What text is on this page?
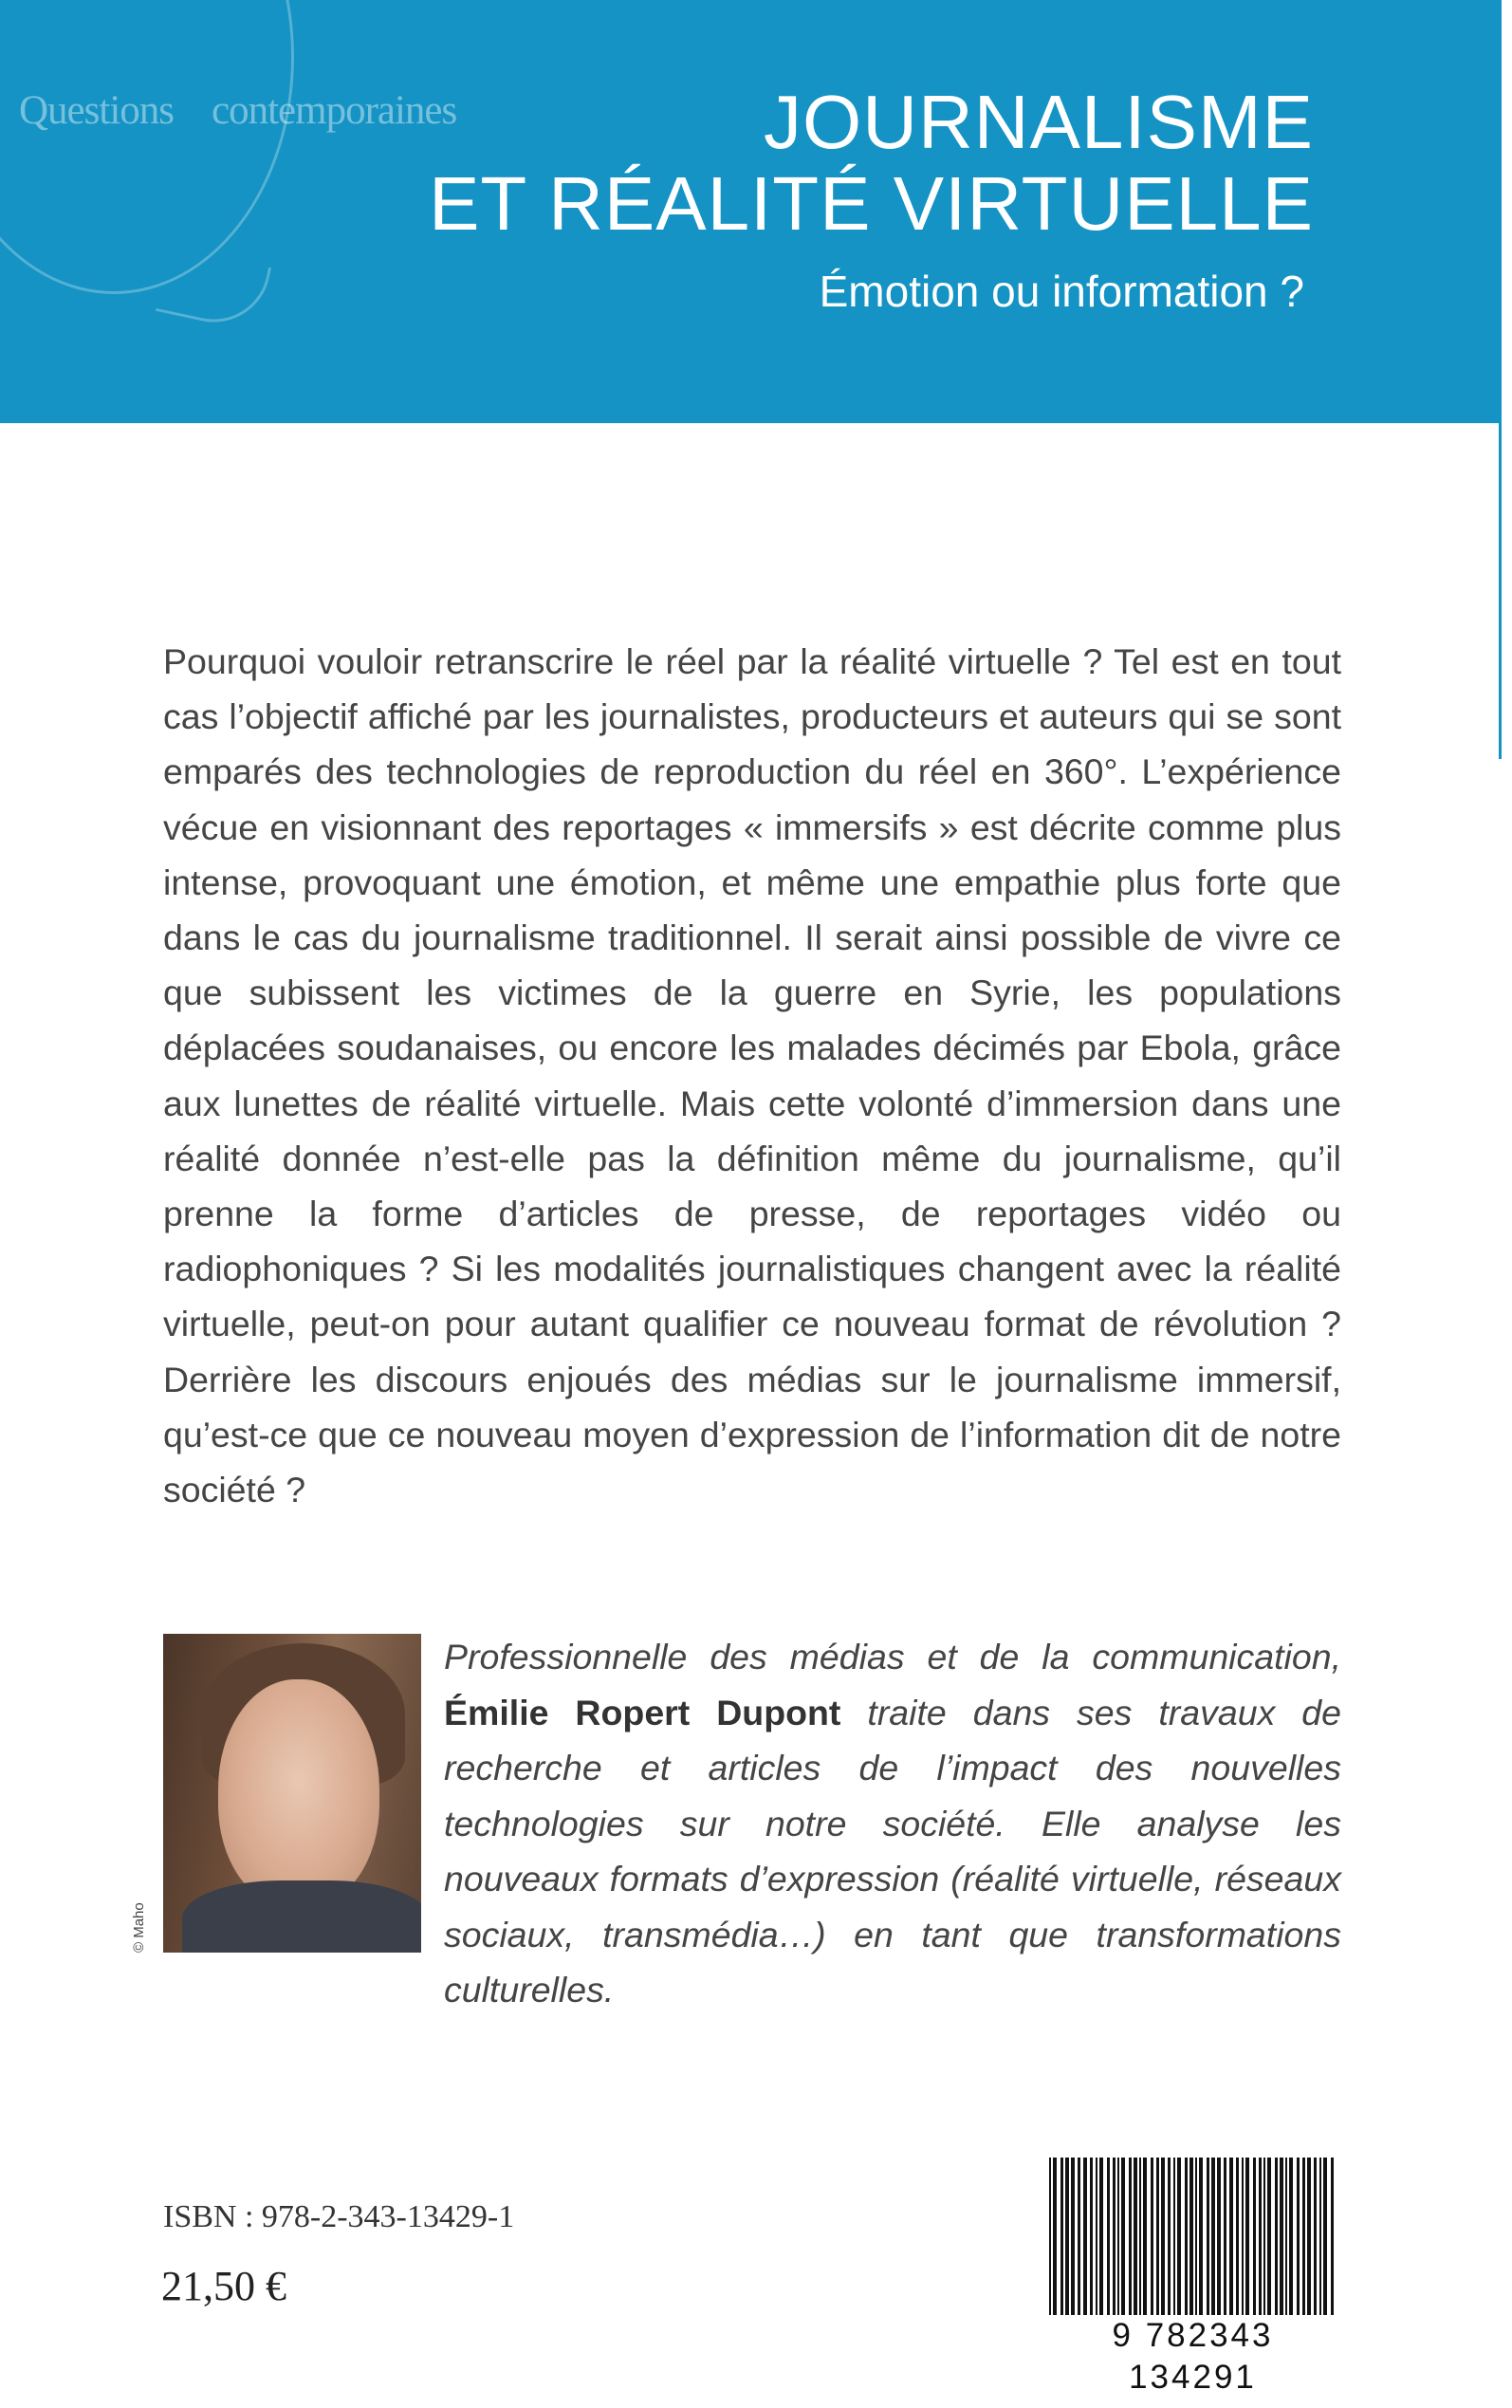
Questions contemporaines	JOURNALISME
ET RÉALITÉ VIRTUELLE
Émotion ou information ?

Pourquoi vouloir retranscrire le réel par la réalité virtuelle ? Tel est en tout cas l’objectif affiché par les journalistes, producteurs et auteurs qui se sont emparés des technologies de reproduction du réel en 360°. L’expérience vécue en visionnant des reportages « immersifs » est décrite comme plus intense, provoquant une émotion, et même une empathie plus forte que dans le cas du journalisme traditionnel. Il serait ainsi possible de vivre ce que subissent les victimes de la guerre en Syrie, les populations déplacées soudanaises, ou encore les malades décimés par Ebola, grâce aux lunettes de réalité virtuelle. Mais cette volonté d’immersion dans une réalité donnée n’est-elle pas la définition même du journalisme, qu’il prenne la forme d’articles de presse, de reportages vidéo ou radiophoniques ? Si les modalités journalistiques changent avec la réalité virtuelle, peut-on pour autant qualifier ce nouveau format de révolution ? Derrière les discours enjoués des médias sur le journalisme immersif, qu’est-ce que ce nouveau moyen d’expression de l’information dit de notre société ?

© Maho

Professionnelle des médias et de la communication, Émilie Ropert Dupont traite dans ses travaux de recherche et articles de l’impact des nouvelles technologies sur notre société. Elle analyse les nouveaux formats d’expression (réalité virtuelle, réseaux sociaux, transmédia…) en tant que transformations culturelles.

ISBN : 978-2-343-13429-1
21,50 €
9 782343 134291
